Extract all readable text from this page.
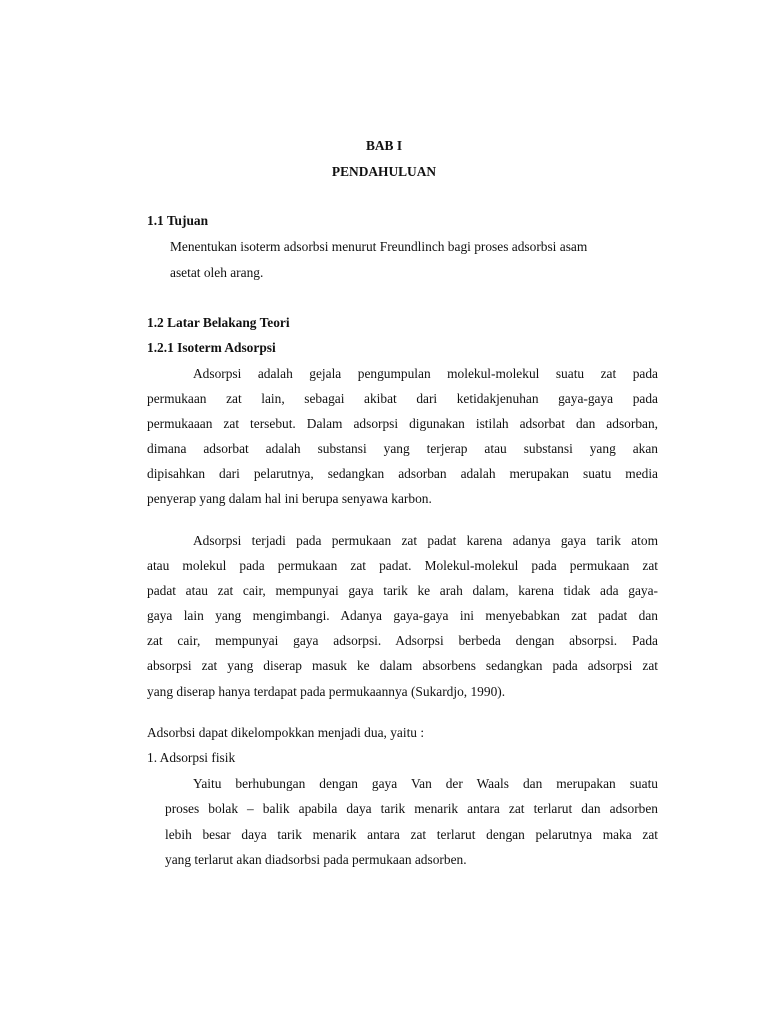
BAB I
PENDAHULUAN
1.1 Tujuan
Menentukan isoterm adsorbsi menurut Freundlinch bagi proses adsorbsi asam
asetat oleh arang.
1.2 Latar Belakang Teori
1.2.1 Isoterm Adsorpsi
Adsorpsi adalah gejala pengumpulan molekul-molekul suatu zat pada
permukaan zat lain, sebagai akibat dari ketidakjenuhan gaya-gaya pada
permukaaan zat tersebut. Dalam adsorpsi digunakan istilah adsorbat dan adsorban,
dimana adsorbat adalah substansi yang terjerap atau substansi yang akan
dipisahkan dari pelarutnya, sedangkan adsorban adalah merupakan suatu media
penyerap yang dalam hal ini berupa senyawa karbon.
Adsorpsi terjadi pada permukaan zat padat karena adanya gaya tarik atom
atau molekul pada permukaan zat padat. Molekul-molekul pada permukaan zat
padat atau zat cair, mempunyai gaya tarik ke arah dalam, karena tidak ada gaya-
gaya lain yang mengimbangi. Adanya gaya-gaya ini menyebabkan zat padat dan
zat cair, mempunyai gaya adsorpsi. Adsorpsi berbeda dengan absorpsi. Pada
absorpsi zat yang diserap masuk ke dalam absorbens sedangkan pada adsorpsi zat
yang diserap hanya terdapat pada permukaannya (Sukardjo, 1990).
Adsorbsi dapat dikelompokkan menjadi dua, yaitu :
1. Adsorpsi fisik
Yaitu berhubungan dengan gaya Van der Waals dan merupakan suatu
proses bolak – balik apabila daya tarik menarik antara zat terlarut dan adsorben
lebih besar daya tarik menarik antara zat terlarut dengan pelarutnya maka zat
yang terlarut akan diadsorbsi pada permukaan adsorben.
